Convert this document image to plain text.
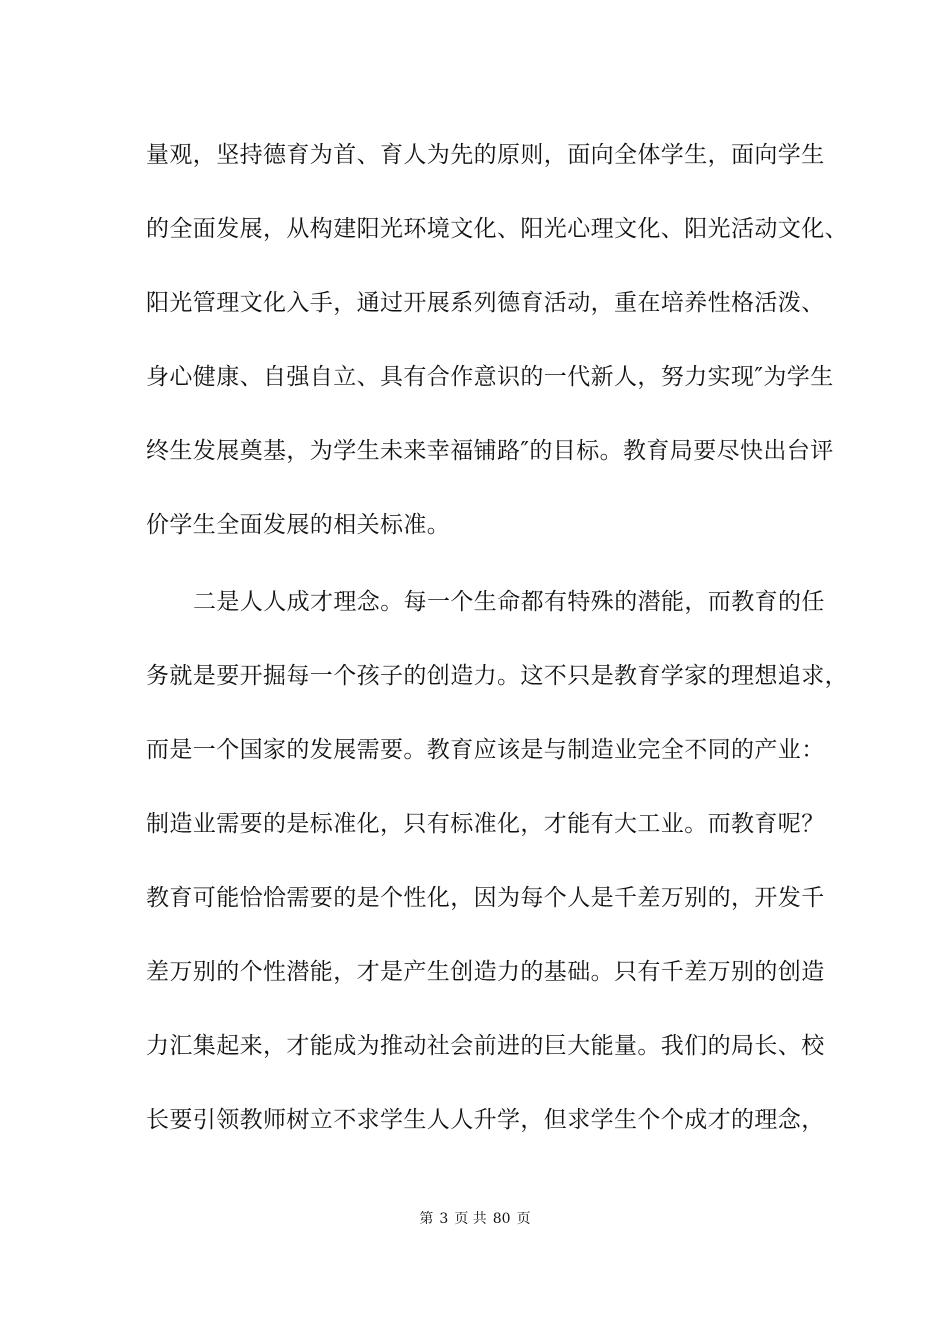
量观，坚持德育为首、育人为先的原则，面向全体学生，面向学生
的全面发展，从构建阳光环境文化、阳光心理文化、阳光活动文化、
阳光管理文化入手，通过开展系列德育活动，重在培养性格活泼、
身心健康、自强自立、具有合作意识的一代新人，努力实现″为学生
终生发展奠基，为学生未来幸福铺路″的目标。教育局要尽快出台评
价学生全面发展的相关标准。
二是人人成才理念。每一个生命都有特殊的潜能，而教育的任
务就是要开掘每一个孩子的创造力。这不只是教育学家的理想追求，
而是一个国家的发展需要。教育应该是与制造业完全不同的产业：
制造业需要的是标准化，只有标准化，才能有大工业。而教育呢？
教育可能恰恰需要的是个性化，因为每个人是千差万别的，开发千
差万别的个性潜能，才是产生创造力的基础。只有千差万别的创造
力汇集起来，才能成为推动社会前进的巨大能量。我们的局长、校
长要引领教师树立不求学生人人升学，但求学生个个成才的理念，
第 3 页 共 80 页
